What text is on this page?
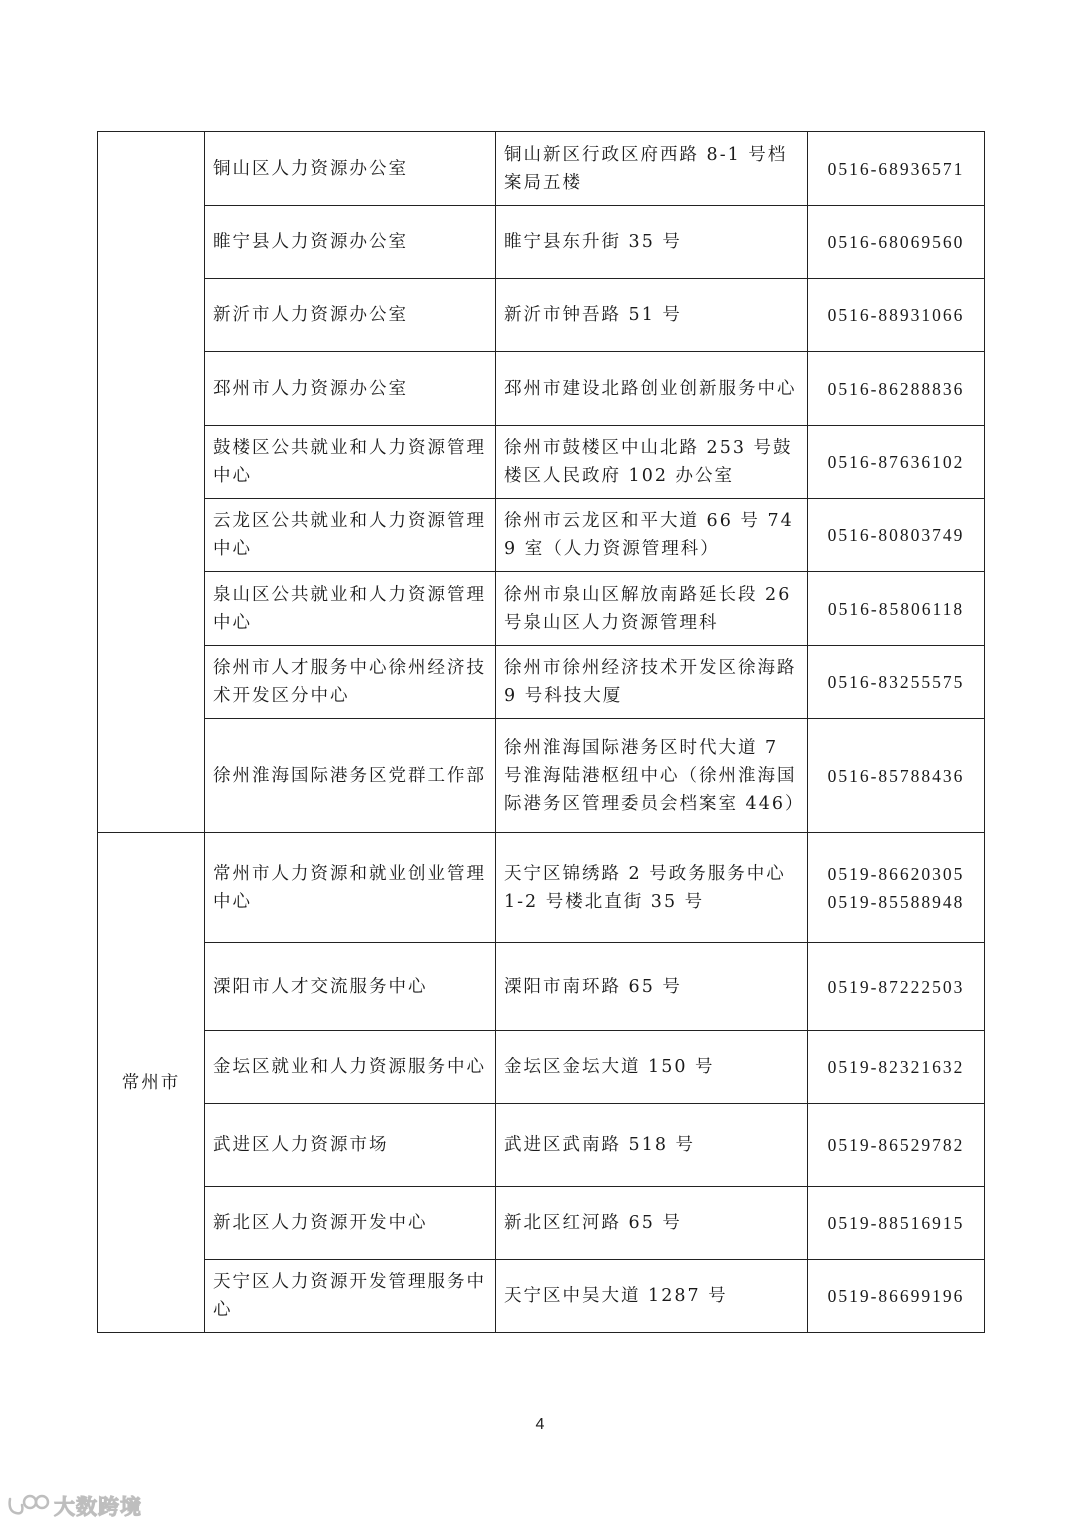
	铜山区人力资源办公室	铜山新区行政区府西路 8-1 号档案局五楼	0516-68936571

	睢宁县人力资源办公室	睢宁县东升街 35 号	0516-68069560

	新沂市人力资源办公室	新沂市钟吾路 51 号	0516-88931066

	邳州市人力资源办公室	邳州市建设北路创业创新服务中心	0516-86288836

	鼓楼区公共就业和人力资源管理中心	徐州市鼓楼区中山北路 253 号鼓楼区人民政府 102 办公室	0516-87636102

	云龙区公共就业和人力资源管理中心	徐州市云龙区和平大道 66 号 749 室（人力资源管理科）	0516-80803749

	泉山区公共就业和人力资源管理中心	徐州市泉山区解放南路延长段 26 号泉山区人力资源管理科	0516-85806118

	徐州市人才服务中心徐州经济技术开发区分中心	徐州市徐州经济技术开发区徐海路 9 号科技大厦	0516-83255575

	徐州淮海国际港务区党群工作部	徐州淮海国际港务区时代大道 7 号淮海陆港枢纽中心（徐州淮海国际港务区管理委员会档案室 446）	0516-85788436

常州市	常州市人力资源和就业创业管理中心	天宁区锦绣路 2 号政务服务中心 1-2 号楼北直街 35 号	0519-86620305
0519-85588948

	溧阳市人才交流服务中心	溧阳市南环路 65 号	0519-87222503

	金坛区就业和人力资源服务中心	金坛区金坛大道 150 号	0519-82321632

	武进区人力资源市场	武进区武南路 518 号	0519-86529782

	新北区人力资源开发中心	新北区红河路 65 号	0519-88516915

	天宁区人力资源开发管理服务中心	天宁区中吴大道 1287 号	0519-86699196
4
大数跨境
